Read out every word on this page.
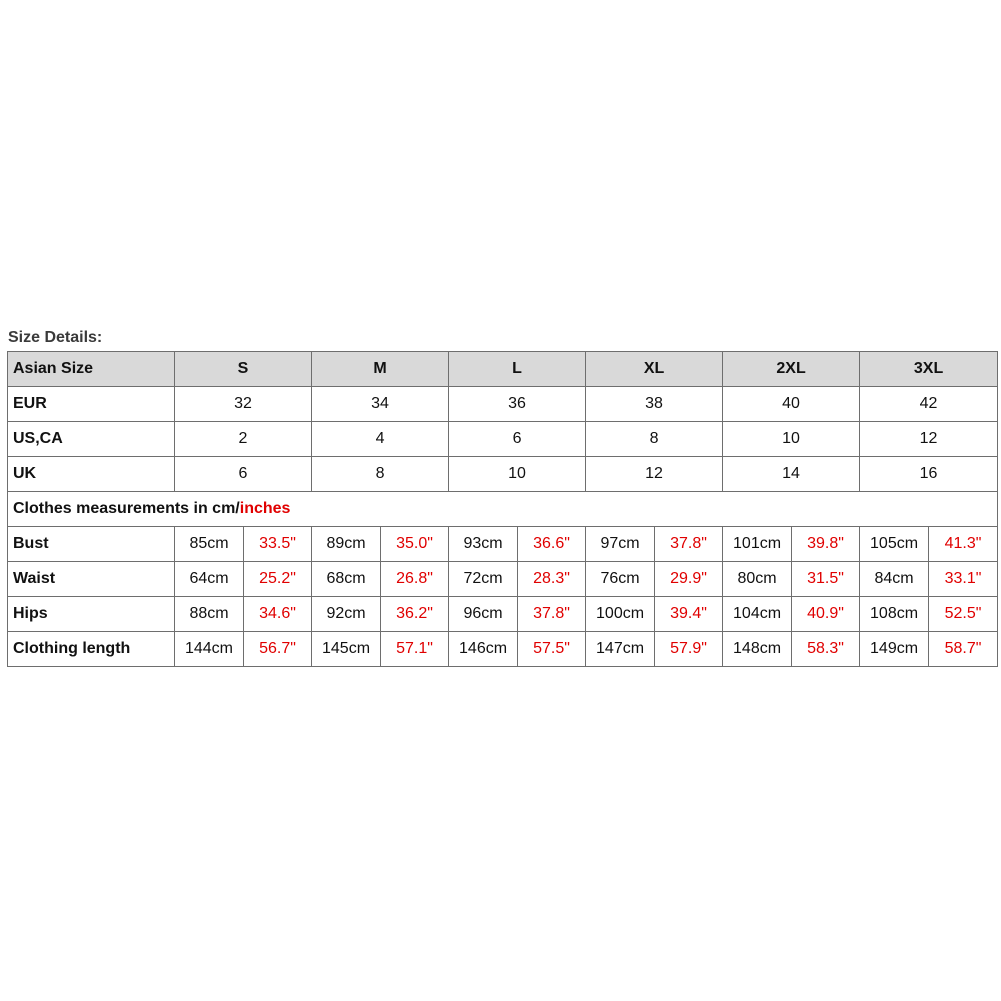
Size Details:
Asian Size	S		M		L		XL		2XL		3XL	
EUR	32		34		36		38		40		42	
US,CA	2		4		6		8		10		12	
UK	6		8		10		12		14		16	
Clothes measurements in cm/inches												
Bust	85cm	33.5"	89cm	35.0"	93cm	36.6"	97cm	37.8"	101cm	39.8"	105cm	41.3"
Waist	64cm	25.2"	68cm	26.8"	72cm	28.3"	76cm	29.9"	80cm	31.5"	84cm	33.1"
Hips	88cm	34.6"	92cm	36.2"	96cm	37.8"	100cm	39.4"	104cm	40.9"	108cm	52.5"
Clothing length	144cm	56.7"	145cm	57.1"	146cm	57.5"	147cm	57.9"	148cm	58.3"	149cm	58.7"
